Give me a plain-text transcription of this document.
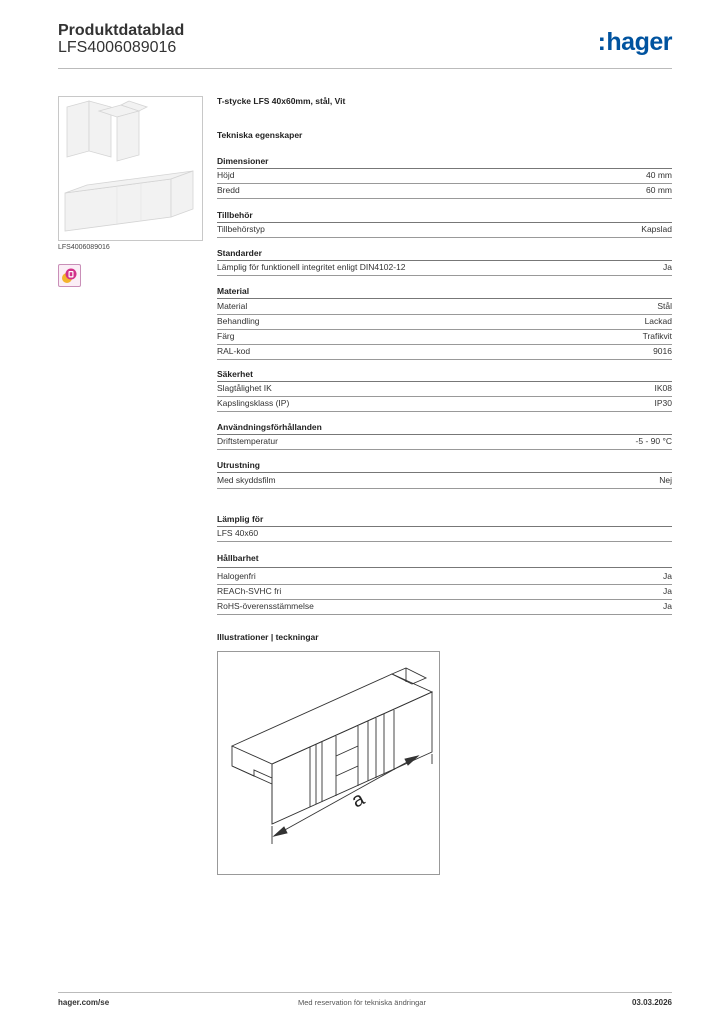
Produktdatablad
LFS4006089016	:hager
LFS4006089016
T-stycke LFS 40x60mm, stål, Vit
Tekniska egenskaper
Dimensioner
Höjd	40 mm
Bredd	60 mm
Tillbehör
Tillbehörstyp	Kapslad
Standarder
Lämplig för funktionell integritet enligt DIN4102-12	Ja
Material
Material	Stål
Behandling	Lackad
Färg	Trafikvit
RAL-kod	9016
Säkerhet
Slagtålighet IK	IK08
Kapslingsklass (IP)	IP30
Användningsförhållanden
Driftstemperatur	-5 - 90 °C
Utrustning
Med skyddsfilm	Nej
Lämplig för
LFS 40x60
Hållbarhet
Halogenfri	Ja
REACh-SVHC fri	Ja
RoHS-överensstämmelse	Ja
Illustrationer | teckningar
a
hager.com/se	Med reservation för tekniska ändringar	03.03.2026
